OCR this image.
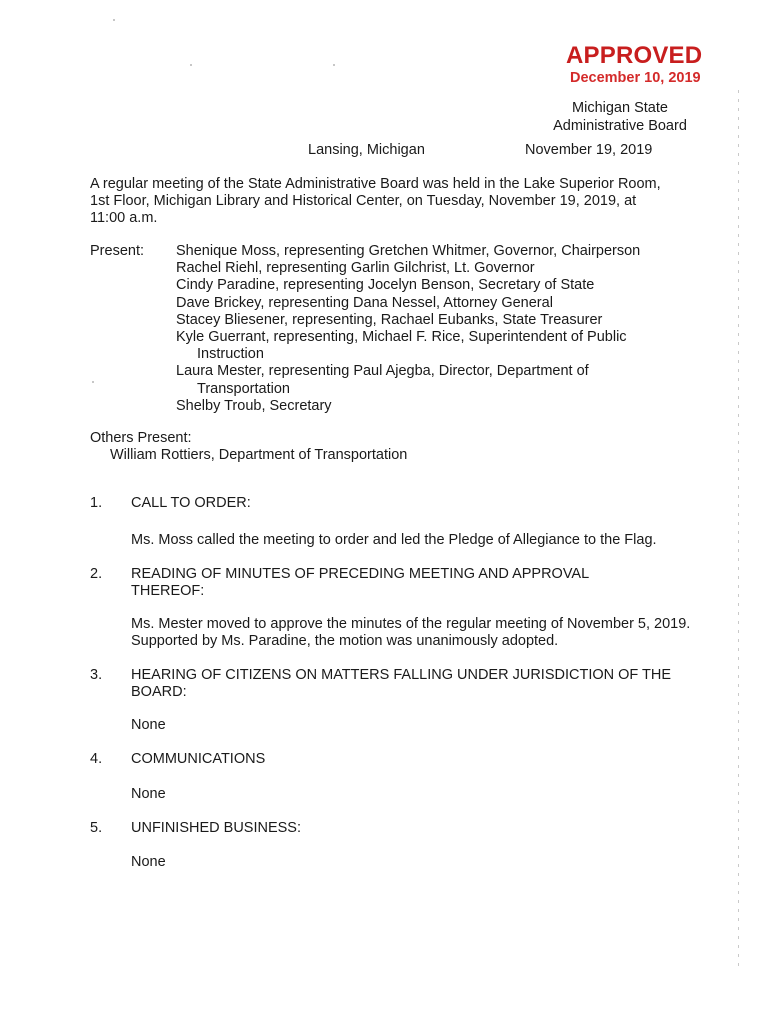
APPROVED
December 10, 2019
Michigan State
Administrative Board
Lansing, Michigan	November 19, 2019
A regular meeting of the State Administrative Board was held in the Lake Superior Room,
1st Floor, Michigan Library and Historical Center, on Tuesday, November 19, 2019, at
11:00 a.m.
Present: Shenique Moss, representing Gretchen Whitmer, Governor, Chairperson
Rachel Riehl, representing Garlin Gilchrist, Lt. Governor
Cindy Paradine, representing Jocelyn Benson, Secretary of State
Dave Brickey, representing Dana Nessel, Attorney General
Stacey Bliesener, representing, Rachael Eubanks, State Treasurer
Kyle Guerrant, representing, Michael F. Rice, Superintendent of Public
Instruction
Laura Mester, representing Paul Ajegba, Director, Department of
Transportation
Shelby Troub, Secretary
Others Present:
William Rottiers, Department of Transportation
1. CALL TO ORDER:
Ms. Moss called the meeting to order and led the Pledge of Allegiance to the Flag.
2. READING OF MINUTES OF PRECEDING MEETING AND APPROVAL
THEREOF:
Ms. Mester moved to approve the minutes of the regular meeting of November 5, 2019.
Supported by Ms. Paradine, the motion was unanimously adopted.
3. HEARING OF CITIZENS ON MATTERS FALLING UNDER JURISDICTION OF THE
BOARD:
None
4. COMMUNICATIONS
None
5. UNFINISHED BUSINESS:
None
